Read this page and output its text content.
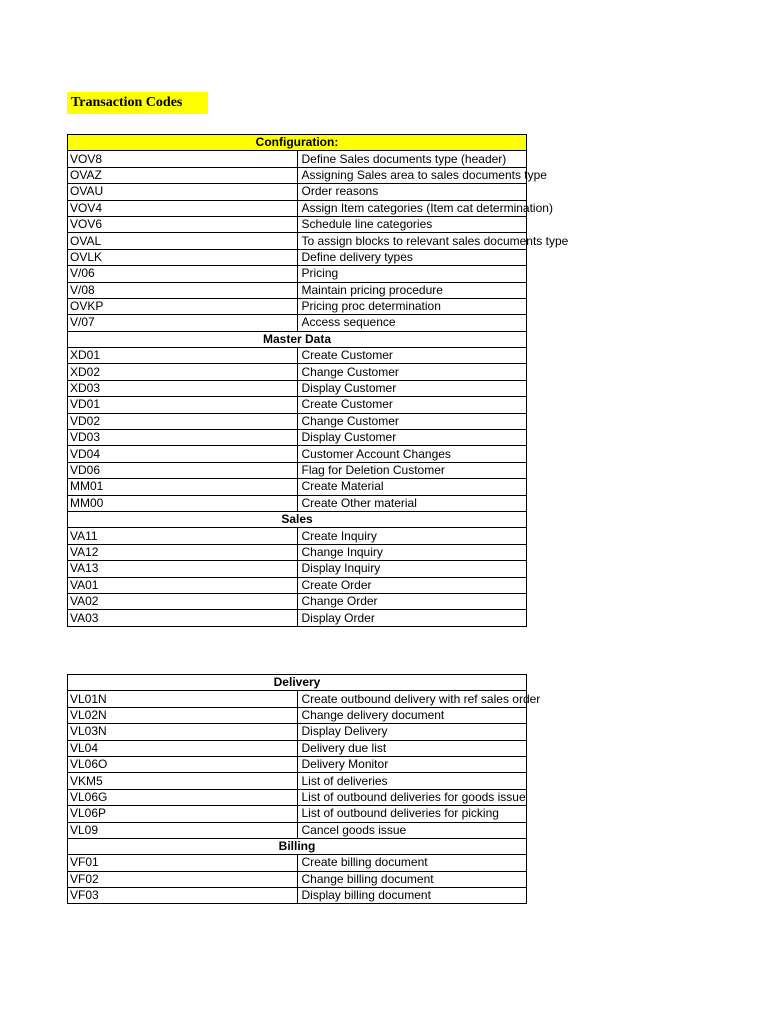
Transaction Codes
Configuration:	
VOV8	Define Sales documents type (header)
OVAZ	Assigning Sales area to sales documents type
OVAU	Order reasons
VOV4	Assign Item categories (Item cat determination)
VOV6	Schedule line categories
OVAL	To assign blocks to relevant sales documents type
OVLK	Define delivery types
V/06	Pricing
V/08	Maintain pricing procedure
OVKP	Pricing proc determination
V/07	Access sequence
Master Data	
XD01	Create Customer
XD02	Change Customer
XD03	Display Customer
VD01	Create Customer
VD02	Change Customer
VD03	Display Customer
VD04	Customer Account Changes
VD06	Flag for Deletion Customer
MM01	Create Material
MM00	Create Other material
Sales	
VA11	Create Inquiry
VA12	Change Inquiry
VA13	Display Inquiry
VA01	Create Order
VA02	Change Order
VA03	Display Order
Delivery	
VL01N	Create outbound delivery with ref sales order
VL02N	Change delivery document
VL03N	Display Delivery
VL04	Delivery due list
VL06O	Delivery Monitor
VKM5	List of deliveries
VL06G	List of outbound deliveries for goods issue
VL06P	List of outbound deliveries for picking
VL09	Cancel goods issue
Billing	
VF01	Create billing document
VF02	Change billing document
VF03	Display billing document
